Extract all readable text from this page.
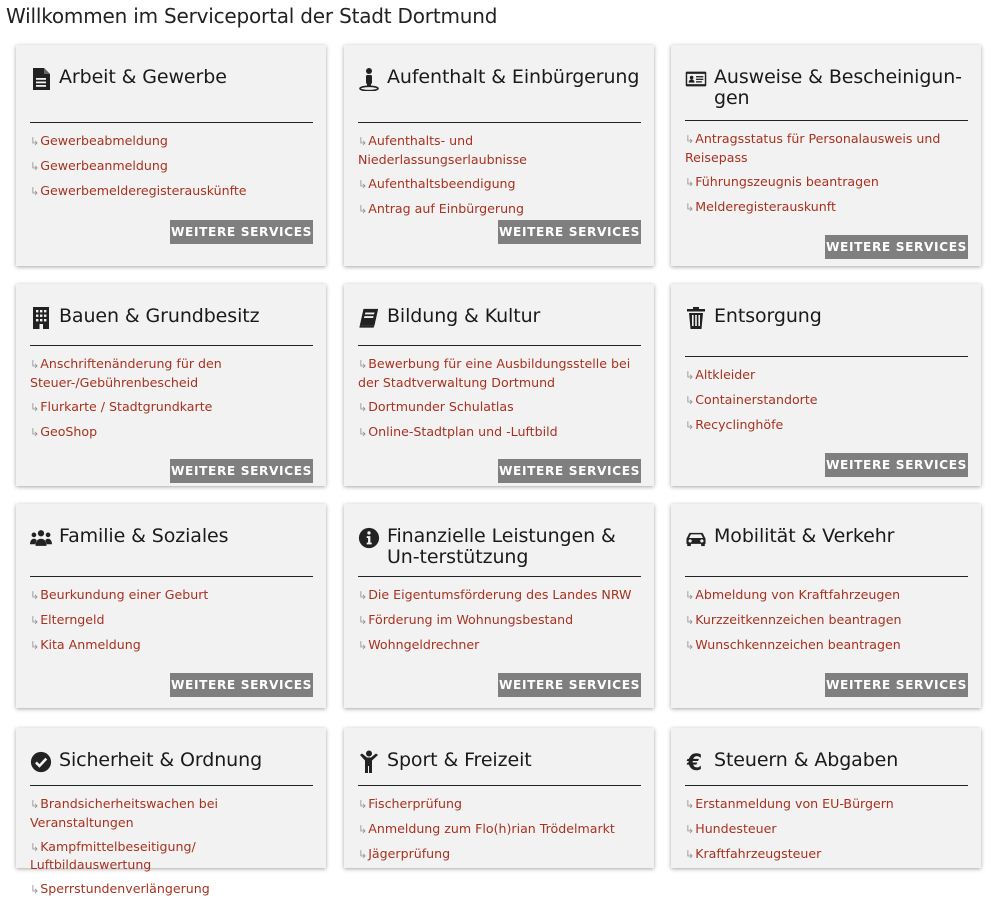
Willkommen im Serviceportal der Stadt Dortmund
Arbeit & Gewerbe
↳Gewerbeabmeldung
↳Gewerbeanmeldung
↳Gewerbemelderegisterauskünfte
WEITERE SERVICES
Aufenthalt & Einbürgerung
↳Aufenthalts- und Niederlassungserlaubnisse
↳Aufenthaltsbeendigung
↳Antrag auf Einbürgerung
WEITERE SERVICES
Ausweise & Bescheinigun-gen
↳Antragsstatus für Personalausweis und Reisepass
↳Führungszeugnis beantragen
↳Melderegisterauskunft
WEITERE SERVICES
Bauen & Grundbesitz
↳Anschriftenänderung für den Steuer-/Gebührenbescheid
↳Flurkarte / Stadtgrundkarte
↳GeoShop
WEITERE SERVICES
Bildung & Kultur
↳Bewerbung für eine Ausbildungsstelle bei der Stadtverwaltung Dortmund
↳Dortmunder Schulatlas
↳Online-Stadtplan und -Luftbild
WEITERE SERVICES
Entsorgung
↳Altkleider
↳Containerstandorte
↳Recyclinghöfe
WEITERE SERVICES
Familie & Soziales
↳Beurkundung einer Geburt
↳Elterngeld
↳Kita Anmeldung
WEITERE SERVICES
Finanzielle Leistungen & Un-terstützung
↳Die Eigentumsförderung des Landes NRW
↳Förderung im Wohnungsbestand
↳Wohngeldrechner
WEITERE SERVICES
Mobilität & Verkehr
↳Abmeldung von Kraftfahrzeugen
↳Kurzzeitkennzeichen beantragen
↳Wunschkennzeichen beantragen
WEITERE SERVICES
Sicherheit & Ordnung
↳Brandsicherheitswachen bei Veranstaltungen
↳Kampfmittelbeseitigung/ Luftbildauswertung
↳Sperrstundenverlängerung
Sport & Freizeit
↳Fischerprüfung
↳Anmeldung zum Flo(h)rian Trödelmarkt
↳Jägerprüfung
€ Steuern & Abgaben
↳Erstanmeldung von EU-Bürgern
↳Hundesteuer
↳Kraftfahrzeugsteuer
